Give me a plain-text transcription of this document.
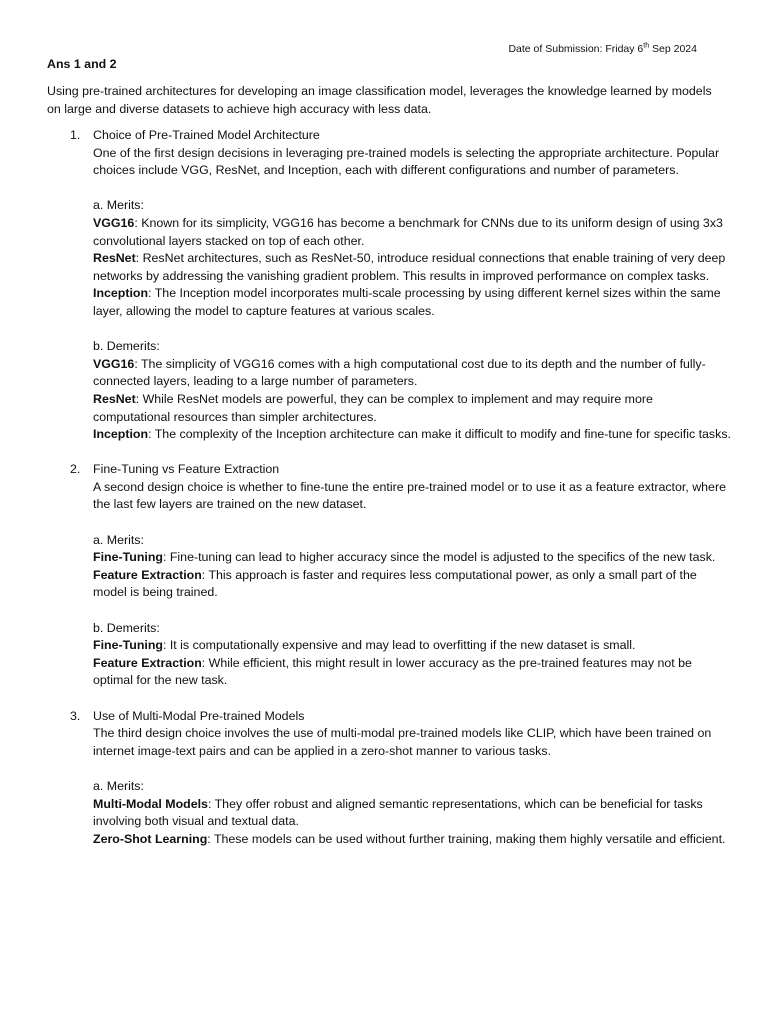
Date of Submission: Friday 6th Sep 2024
Ans 1 and 2

Using pre-trained architectures for developing an image classification model, leverages the knowledge learned by models on large and diverse datasets to achieve high accuracy with less data.

1. Choice of Pre-Trained Model Architecture

One of the first design decisions in leveraging pre-trained models is selecting the appropriate architecture. Popular choices include VGG, ResNet, and Inception, each with different configurations and number of parameters.

a. Merits:

VGG16: Known for its simplicity, VGG16 has become a benchmark for CNNs due to its uniform design of using 3x3 convolutional layers stacked on top of each other.

ResNet: ResNet architectures, such as ResNet-50, introduce residual connections that enable training of very deep networks by addressing the vanishing gradient problem. This results in improved performance on complex tasks.

Inception: The Inception model incorporates multi-scale processing by using different kernel sizes within the same layer, allowing the model to capture features at various scales.

b. Demerits:

VGG16: The simplicity of VGG16 comes with a high computational cost due to its depth and the number of fully-connected layers, leading to a large number of parameters.

ResNet: While ResNet models are powerful, they can be complex to implement and may require more computational resources than simpler architectures.

Inception: The complexity of the Inception architecture can make it difficult to modify and fine-tune for specific tasks.

2. Fine-Tuning vs Feature Extraction

A second design choice is whether to fine-tune the entire pre-trained model or to use it as a feature extractor, where the last few layers are trained on the new dataset.

a. Merits:

Fine-Tuning: Fine-tuning can lead to higher accuracy since the model is adjusted to the specifics of the new task.

Feature Extraction: This approach is faster and requires less computational power, as only a small part of the model is being trained.

b. Demerits:

Fine-Tuning: It is computationally expensive and may lead to overfitting if the new dataset is small.

Feature Extraction: While efficient, this might result in lower accuracy as the pre-trained features may not be optimal for the new task.

3. Use of Multi-Modal Pre-trained Models

The third design choice involves the use of multi-modal pre-trained models like CLIP, which have been trained on internet image-text pairs and can be applied in a zero-shot manner to various tasks.

a. Merits:

Multi-Modal Models: They offer robust and aligned semantic representations, which can be beneficial for tasks involving both visual and textual data.

Zero-Shot Learning: These models can be used without further training, making them highly versatile and efficient.
